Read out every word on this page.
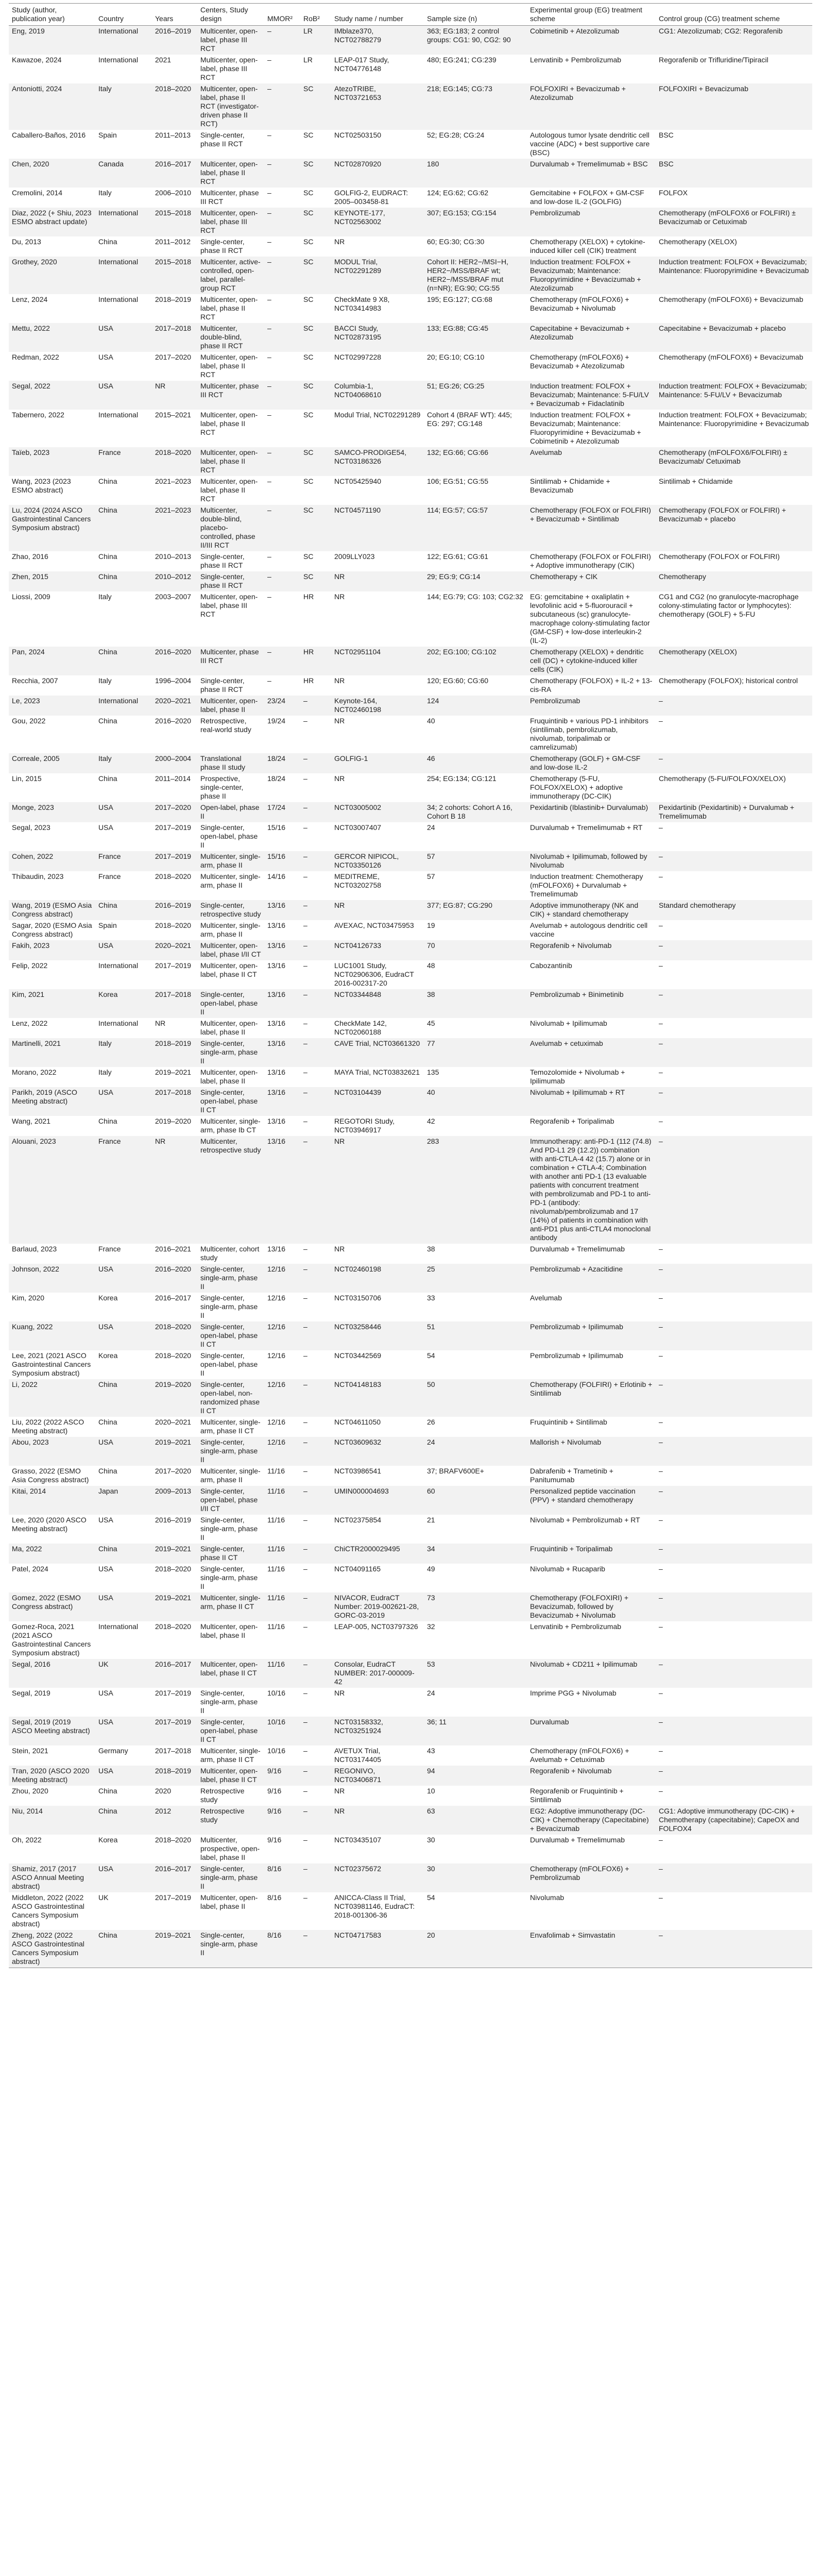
Study (author, publication year)	Country	Years	Centers, Study design	MMOR²	RoB²	Study name / number	Sample size (n)	Experimental group (EG) treatment scheme	Control group (CG) treatment scheme
Eng, 2019	International	2016–2019	Multicenter, open-label, phase III RCT	–	LR	IMblaze370, NCT02788279	363; EG:183; 2 control groups: CG1: 90, CG2: 90	Cobimetinib + Atezolizumab	CG1: Atezolizumab; CG2: Regorafenib
Kawazoe, 2024	International	2021	Multicenter, open-label, phase III RCT	–	LR	LEAP-017 Study, NCT04776148	480; EG:241; CG:239	Lenvatinib + Pembrolizumab	Regorafenib or Trifluridine/Tipiracil
Antoniotti, 2024	Italy	2018–2020	Multicenter, open-label, phase II RCT (investigator-driven phase II RCT)	–	SC	AtezoTRIBE, NCT03721653	218; EG:145; CG:73	FOLFOXIRI + Bevacizumab + Atezolizumab	FOLFOXIRI + Bevacizumab
Caballero-Baños, 2016	Spain	2011–2013	Single-center, phase II RCT	–	SC	NCT02503150	52; EG:28; CG:24	Autologous tumor lysate dendritic cell vaccine (ADC) + best supportive care (BSC)	BSC
Chen, 2020	Canada	2016–2017	Multicenter, open-label, phase II RCT	–	SC	NCT02870920	180	Durvalumab + Tremelimumab + BSC	BSC
Cremolini, 2014	Italy	2006–2010	Multicenter, phase III RCT	–	SC	GOLFIG-2, EUDRACT: 2005–003458-81	124; EG:62; CG:62	Gemcitabine + FOLFOX + GM-CSF and low-dose IL-2 (GOLFIG)	FOLFOX
Diaz, 2022 (+ Shiu, 2023 ESMO abstract update)	International	2015–2018	Multicenter, open-label, phase III RCT	–	SC	KEYNOTE-177, NCT02563002	307; EG:153; CG:154	Pembrolizumab	Chemotherapy (mFOLFOX6 or FOLFIRI) ± Bevacizumab or Cetuximab
Du, 2013	China	2011–2012	Single-center, phase II RCT	–	SC	NR	60; EG:30; CG:30	Chemotherapy (XELOX) + cytokine-induced killer cell (CIK) treatment	Chemotherapy (XELOX)
Grothey, 2020	International	2015–2018	Multicenter, active-controlled, open-label, parallel-group RCT	–	SC	MODUL Trial, NCT02291289	Cohort II: HER2−/MSI−H, HER2−/MSS/BRAF wt; HER2−/MSS/BRAF mut (n=NR); EG:90; CG:55	Induction treatment: FOLFOX + Bevacizumab; Maintenance: Fluoropyrimidine + Bevacizumab + Atezolizumab	Induction treatment: FOLFOX + Bevacizumab; Maintenance: Fluoropyrimidine + Bevacizumab
Lenz, 2024	International	2018–2019	Multicenter, open-label, phase II RCT	–	SC	CheckMate 9 X8, NCT03414983	195; EG:127; CG:68	Chemotherapy (mFOLFOX6) + Bevacizumab + Nivolumab	Chemotherapy (mFOLFOX6) + Bevacizumab
Mettu, 2022	USA	2017–2018	Multicenter, double-blind, phase II RCT	–	SC	BACCI Study, NCT02873195	133; EG:88; CG:45	Capecitabine + Bevacizumab + Atezolizumab	Capecitabine + Bevacizumab + placebo
Redman, 2022	USA	2017–2020	Multicenter, open-label, phase II RCT	–	SC	NCT02997228	20; EG:10; CG:10	Chemotherapy (mFOLFOX6) + Bevacizumab + Atezolizumab	Chemotherapy (mFOLFOX6) + Bevacizumab
Segal, 2022	USA	NR	Multicenter, phase III RCT	–	SC	Columbia-1, NCT04068610	51; EG:26; CG:25	Induction treatment: FOLFOX + Bevacizumab; Maintenance: 5-FU/LV + Bevacizumab + Fidaclatinib	Induction treatment: FOLFOX + Bevacizumab; Maintenance: 5-FU/LV + Bevacizumab
Tabernero, 2022	International	2015–2021	Multicenter, open-label, phase II RCT	–	SC	Modul Trial, NCT02291289	Cohort 4 (BRAF WT): 445; EG: 297; CG:148	Induction treatment: FOLFOX + Bevacizumab; Maintenance: Fluoropyrimidine + Bevacizumab + Cobimetinib + Atezolizumab	Induction treatment: FOLFOX + Bevacizumab; Maintenance: Fluoropyrimidine + Bevacizumab
Taïeb, 2023	France	2018–2020	Multicenter, open-label, phase II RCT	–	SC	SAMCO-PRODIGE54, NCT03186326	132; EG:66; CG:66	Avelumab	Chemotherapy (mFOLFOX6/FOLFIRI) ± Bevacizumab/ Cetuximab
Wang, 2023 (2023 ESMO abstract)	China	2021–2023	Multicenter, open-label, phase II RCT	–	SC	NCT05425940	106; EG:51; CG:55	Sintilimab + Chidamide + Bevacizumab	Sintilimab + Chidamide
Lu, 2024 (2024 ASCO Gastrointestinal Cancers Symposium abstract)	China	2021–2023	Multicenter, double-blind, placebo-controlled, phase II/III RCT	–	SC	NCT04571190	114; EG:57; CG:57	Chemotherapy (FOLFOX or FOLFIRI) + Bevacizumab + Sintilimab	Chemotherapy (FOLFOX or FOLFIRI) + Bevacizumab + placebo
Zhao, 2016	China	2010–2013	Single-center, phase II RCT	–	SC	2009LLY023	122; EG:61; CG:61	Chemotherapy (FOLFOX or FOLFIRI) + Adoptive immunotherapy (CIK)	Chemotherapy (FOLFOX or FOLFIRI)
Zhen, 2015	China	2010–2012	Single-center, phase II RCT	–	SC	NR	29; EG:9; CG:14	Chemotherapy + CIK	Chemotherapy
Liossi, 2009	Italy	2003–2007	Multicenter, open-label, phase III RCT	–	HR	NR	144; EG:79; CG: 103; CG2:32	EG: gemcitabine + oxaliplatin + levofolinic acid + 5-fluorouracil + subcutaneous (sc) granulocyte-macrophage colony-stimulating factor (GM-CSF) + low-dose interleukin-2 (IL-2)	CG1 and CG2 (no granulocyte-macrophage colony-stimulating factor or lymphocytes): chemotherapy (GOLF) + 5-FU
Pan, 2024	China	2016–2020	Multicenter, phase III RCT	–	HR	NCT02951104	202; EG:100; CG:102	Chemotherapy (XELOX) + dendritic cell (DC) + cytokine-induced killer cells (CIK)	Chemotherapy (XELOX)
Recchia, 2007	Italy	1996–2004	Single-center, phase II RCT	–	HR	NR	120; EG:60; CG:60	Chemotherapy (FOLFOX) + IL-2 + 13-cis-RA	Chemotherapy (FOLFOX); historical control
Le, 2023	International	2020–2021	Multicenter, open-label, phase II	23/24	–	Keynote-164, NCT02460198	124	Pembrolizumab	–
Gou, 2022	China	2016–2020	Retrospective, real-world study	19/24	–	NR	40	Fruquintinib + various PD-1 inhibitors (sintilimab, pembrolizumab, nivolumab, toripalimab or camrelizumab)	–
Correale, 2005	Italy	2000–2004	Translational phase II study	18/24	–	GOLFIG-1	46	Chemotherapy (GOLF) + GM-CSF and low-dose IL-2	–
Lin, 2015	China	2011–2014	Prospective, single-center, phase II	18/24	–	NR	254; EG:134; CG:121	Chemotherapy (5-FU, FOLFOX/XELOX) + adoptive immunotherapy (DC-CIK)	Chemotherapy (5-FU/FOLFOX/XELOX)
Monge, 2023	USA	2017–2020	Open-label, phase II	17/24	–	NCT03005002	34; 2 cohorts: Cohort A 16, Cohort B 18	Pexidartinib (Iblastinib+ Durvalumab)	Pexidartinib (Pexidartinib) + Durvalumab + Tremelimumab
Segal, 2023	USA	2017–2019	Single-center, open-label, phase II	15/16	–	NCT03007407	24	Durvalumab + Tremelimumab + RT	–
Cohen, 2022	France	2017–2019	Multicenter, single-arm, phase II	15/16	–	GERCOR NIPICOL, NCT03350126	57	Nivolumab + Ipilimumab, followed by Nivolumab	–
Thibaudin, 2023	France	2018–2020	Multicenter, single-arm, phase II	14/16	–	MEDITREME, NCT03202758	57	Induction treatment: Chemotherapy (mFOLFOX6) + Durvalumab + Tremelimumab	–
Wang, 2019 (ESMO Asia Congress abstract)	China	2016–2019	Single-center, retrospective study	13/16	–	NR	377; EG:87; CG:290	Adoptive immunotherapy (NK and CIK) + standard chemotherapy	Standard chemotherapy
Sagar, 2020 (ESMO Asia Congress abstract)	Spain	2018–2020	Multicenter, single-arm, phase II	13/16	–	AVEXAC, NCT03475953	19	Avelumab + autologous dendritic cell vaccine	–
Fakih, 2023	USA	2020–2021	Multicenter, open-label, phase I/II CT	13/16	–	NCT04126733	70	Regorafenib + Nivolumab	–
Felip, 2022	International	2017–2019	Multicenter, open-label, phase II CT	13/16	–	LUC1001 Study, NCT02906306, EudraCT 2016-002317-20	48	Cabozantinib	–
Kim, 2021	Korea	2017–2018	Single-center, open-label, phase II	13/16	–	NCT03344848	38	Pembrolizumab + Binimetinib	–
Lenz, 2022	International	NR	Multicenter, open-label, phase II	13/16	–	CheckMate 142, NCT02060188	45	Nivolumab + Ipilimumab	–
Martinelli, 2021	Italy	2018–2019	Single-center, single-arm, phase II	13/16	–	CAVE Trial, NCT03661320	77	Avelumab + cetuximab	–
Morano, 2022	Italy	2019–2021	Multicenter, open-label, phase II	13/16	–	MAYA Trial, NCT03832621	135	Temozolomide + Nivolumab + Ipilimumab	–
Parikh, 2019 (ASCO Meeting abstract)	USA	2017–2018	Single-center, open-label, phase II CT	13/16	–	NCT03104439	40	Nivolumab + Ipilimumab + RT	–
Wang, 2021	China	2019–2020	Multicenter, single-arm, phase Ib CT	13/16	–	REGOTORI Study, NCT03946917	42	Regorafenib + Toripalimab	–
Alouani, 2023	France	NR	Multicenter, retrospective study	13/16	–	NR	283	Immunotherapy: anti-PD-1 (112 (74.8) And PD-L1 29 (12.2)) combination with anti-CTLA-4 42 (15.7) alone or in combination + CTLA-4; Combination with another anti PD-1 (13 evaluable patients with concurrent treatment with pembrolizumab and PD-1 to anti-PD-1 (antibody: nivolumab/pembrolizumab and 17 (14%) of patients in combination with anti-PD1 plus anti-CTLA4 monoclonal antibody	–
Barlaud, 2023	France	2016–2021	Multicenter, cohort study	13/16	–	NR	38	Durvalumab + Tremelimumab	–
Johnson, 2022	USA	2016–2020	Single-center, single-arm, phase II	12/16	–	NCT02460198	25	Pembrolizumab + Azacitidine	–
Kim, 2020	Korea	2016–2017	Single-center, single-arm, phase II	12/16	–	NCT03150706	33	Avelumab	–
Kuang, 2022	USA	2018–2020	Single-center, open-label, phase II CT	12/16	–	NCT03258446	51	Pembrolizumab + Ipilimumab	–
Lee, 2021 (2021 ASCO Gastrointestinal Cancers Symposium abstract)	Korea	2018–2020	Single-center, open-label, phase II	12/16	–	NCT03442569	54	Pembrolizumab + Ipilimumab	–
Li, 2022	China	2019–2020	Single-center, open-label, non-randomized phase II CT	12/16	–	NCT04148183	50	Chemotherapy (FOLFIRI) + Erlotinib + Sintilimab	–
Liu, 2022 (2022 ASCO Meeting abstract)	China	2020–2021	Multicenter, single-arm, phase II CT	12/16	–	NCT04611050	26	Fruquintinib + Sintilimab	–
Abou, 2023	USA	2019–2021	Single-center, single-arm, phase II	12/16	–	NCT03609632	24	Mallorish + Nivolumab	–
Grasso, 2022 (ESMO Asia Congress abstract)	China	2017–2020	Multicenter, single-arm, phase II	11/16	–	NCT03986541	37; BRAFV600E+	Dabrafenib + Trametinib + Panitumumab	–
Kitai, 2014	Japan	2009–2013	Single-center, open-label, phase I/II CT	11/16	–	UMIN000004693	60	Personalized peptide vaccination (PPV) + standard chemotherapy	–
Lee, 2020 (2020 ASCO Meeting abstract)	USA	2016–2019	Single-center, single-arm, phase II	11/16	–	NCT02375854	21	Nivolumab + Pembrolizumab + RT	–
Ma, 2022	China	2019–2021	Single-center, phase II CT	11/16	–	ChiCTR2000029495	34	Fruquintinib + Toripalimab	–
Patel, 2024	USA	2018–2020	Single-center, single-arm, phase II	11/16	–	NCT04091165	49	Nivolumab + Rucaparib	–
Gomez, 2022 (ESMO Congress abstract)	USA	2019–2021	Multicenter, single-arm, phase II CT	11/16	–	NIVACOR, EudraCT Number: 2019-002621-28, GORC-03-2019	73	Chemotherapy (FOLFOXIRI) + Bevacizumab, followed by Bevacizumab + Nivolumab	–
Gomez-Roca, 2021 (2021 ASCO Gastrointestinal Cancers Symposium abstract)	International	2018–2020	Multicenter, open-label, phase II	11/16	–	LEAP-005, NCT03797326	32	Lenvatinib + Pembrolizumab	–
Segal, 2016	UK	2016–2017	Multicenter, open-label, phase II CT	11/16	–	Consolar, EudraCT NUMBER: 2017-000009-42	53	Nivolumab + CD211 + Ipilimumab	–
Segal, 2019	USA	2017–2019	Single-center, single-arm, phase II	10/16	–	NR	24	Imprime PGG + Nivolumab	–
Segal, 2019 (2019 ASCO Meeting abstract)	USA	2017–2019	Single-center, open-label, phase II CT	10/16	–	NCT03158332, NCT03251924	36; 11	Durvalumab	–
Stein, 2021	Germany	2017–2018	Multicenter, single-arm, phase II CT	10/16	–	AVETUX Trial, NCT03174405	43	Chemotherapy (mFOLFOX6) + Avelumab + Cetuximab	–
Tran, 2020 (ASCO 2020 Meeting abstract)	USA	2018–2019	Multicenter, open-label, phase II CT	9/16	–	REGONIVO, NCT03406871	94	Regorafenib + Nivolumab	–
Zhou, 2020	China	2020	Retrospective study	9/16	–	NR	10	Regorafenib or Fruquintinib + Sintilimab	–
Niu, 2014	China	2012	Retrospective study	9/16	–	NR	63	EG2: Adoptive immunotherapy (DC-CIK) + Chemotherapy (Capecitabine) + Bevacizumab	CG1: Adoptive immunotherapy (DC-CIK) + Chemotherapy (capecitabine); CapeOX and FOLFOX4
Oh, 2022	Korea	2018–2020	Multicenter, prospective, open-label, phase II	9/16	–	NCT03435107	30	Durvalumab + Tremelimumab	–
Shamiz, 2017 (2017 ASCO Annual Meeting abstract)	USA	2016–2017	Single-center, single-arm, phase II	8/16	–	NCT02375672	30	Chemotherapy (mFOLFOX6) + Pembrolizumab	–
Middleton, 2022 (2022 ASCO Gastrointestinal Cancers Symposium abstract)	UK	2017–2019	Multicenter, open-label, phase II	8/16	–	ANICCA-Class II Trial, NCT03981146, EudraCT: 2018-001306-36	54	Nivolumab	–
Zheng, 2022 (2022 ASCO Gastrointestinal Cancers Symposium abstract)	China	2019–2021	Single-center, single-arm, phase II	8/16	–	NCT04717583	20	Envafolimab + Simvastatin	–
